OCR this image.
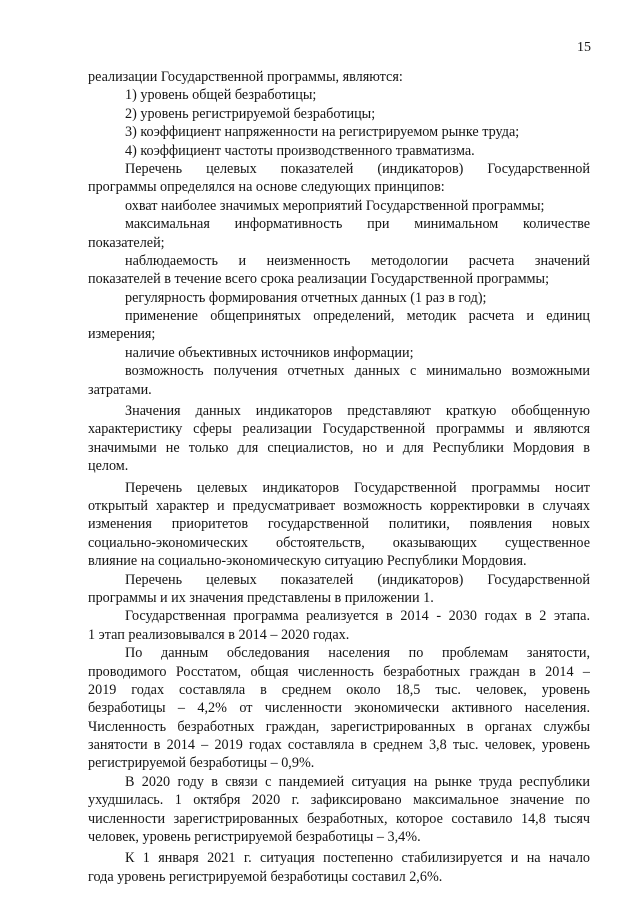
15
реализации Государственной программы, являются:
1) уровень общей безработицы;
2) уровень регистрируемой безработицы;
3) коэффициент напряженности на регистрируемом рынке труда;
4) коэффициент частоты производственного травматизма.
Перечень целевых показателей (индикаторов) Государственной
программы определялся на основе следующих принципов:
охват наиболее значимых мероприятий Государственной программы;
максимальная информативность при минимальном количестве
показателей;
наблюдаемость и неизменность методологии расчета значений
показателей в течение всего срока реализации Государственной программы;
регулярность формирования отчетных данных (1 раз в год);
применение общепринятых определений, методик расчета и единиц
измерения;
наличие объективных источников информации;
возможность получения отчетных данных с минимально возможными
затратами.
Значения данных индикаторов представляют краткую обобщенную
характеристику сферы реализации Государственной программы и являются
значимыми не только для специалистов, но и для Республики Мордовия в
целом.
Перечень целевых индикаторов Государственной программы носит
открытый характер и предусматривает возможность корректировки в случаях
изменения приоритетов государственной политики, появления новых
социально-экономических обстоятельств, оказывающих существенное
влияние на социально-экономическую ситуацию Республики Мордовия.
Перечень целевых показателей (индикаторов) Государственной
программы и их значения представлены в приложении 1.
Государственная программа реализуется в 2014 - 2030 годах в 2 этапа.
1 этап реализовывался в 2014 – 2020 годах.
По данным обследования населения по проблемам занятости,
проводимого Росстатом, общая численность безработных граждан в 2014 –
2019 годах составляла в среднем около 18,5 тыс. человек, уровень
безработицы – 4,2% от численности экономически активного населения.
Численность безработных граждан, зарегистрированных в органах службы
занятости в 2014 – 2019 годах составляла в среднем 3,8 тыс. человек, уровень
регистрируемой безработицы – 0,9%.
В 2020 году в связи с пандемией ситуация на рынке труда республики
ухудшилась. 1 октября 2020 г. зафиксировано максимальное значение по
численности зарегистрированных безработных, которое составило 14,8 тысяч
человек, уровень регистрируемой безработицы – 3,4%.
К 1 января 2021 г. ситуация постепенно стабилизируется и на начало
года уровень регистрируемой безработицы составил 2,6%.
